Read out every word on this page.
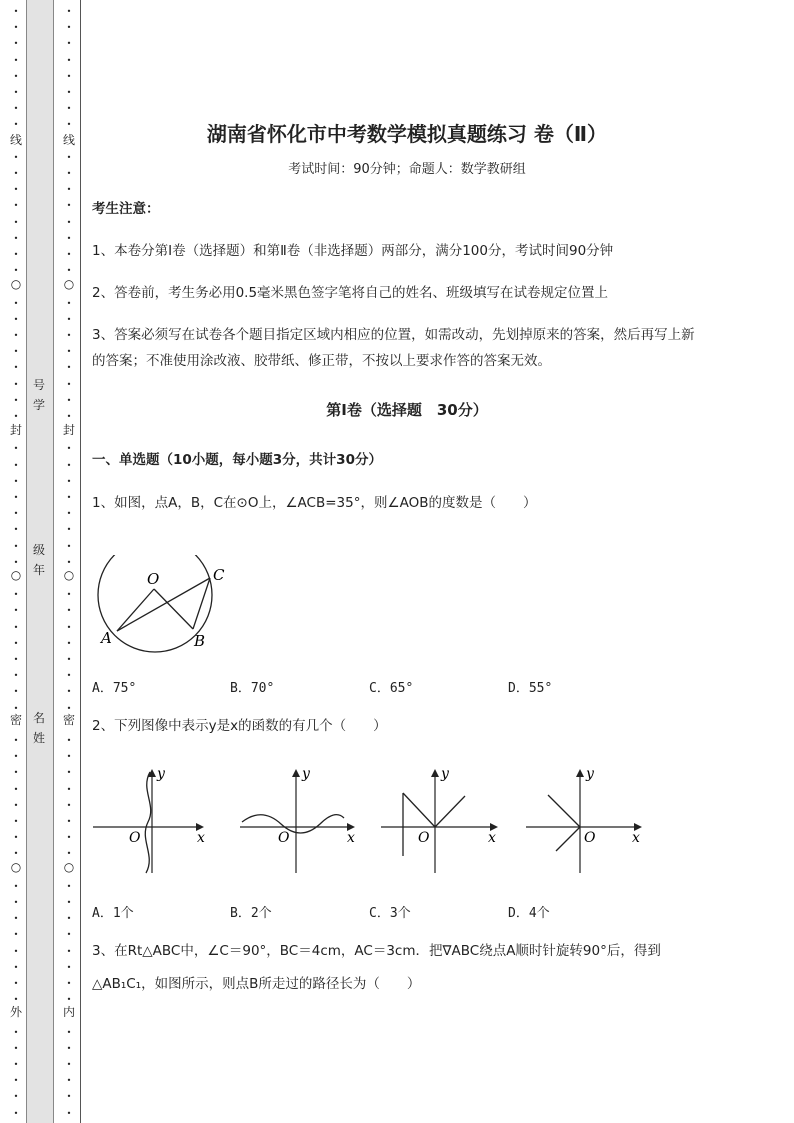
•
•
•
•
•
•
•
•
•
•
•
•
•
•
•
•
•
•
•
•
•
•
•
•
•
•
•
•
•
•
•
•
•
•
•
•
•
•
•
•
•
•
•
•
•
•
•
•
•
•
•
•
•
•
•
•
•
•
•
•
•
•
线
○
封
○
密
○
外
号学
级年
名姓
•
•
•
•
•
•
•
•
•
•
•
•
•
•
•
•
•
•
•
•
•
•
•
•
•
•
•
•
•
•
•
•
•
•
•
•
•
•
•
•
•
•
•
•
•
•
•
•
•
•
•
•
•
•
•
•
•
•
•
•
•
•
线
○
封
○
密
○
内
湖南省怀化市中考数学模拟真题练习 卷（Ⅱ）
考试时间：90分钟；命题人：数学教研组
考生注意：
1、本卷分第Ⅰ卷（选择题）和第Ⅱ卷（非选择题）两部分，满分100分，考试时间90分钟
2、答卷前，考生务必用0.5毫米黑色签字笔将自己的姓名、班级填写在试卷规定位置上
3、答案必须写在试卷各个题目指定区域内相应的位置，如需改动，先划掉原来的答案，然后再写上新
的答案；不准使用涂改液、胶带纸、修正带，不按以上要求作答的答案无效。
第Ⅰ卷（选择题　30分）
一、单选题（10小题，每小题3分，共计30分）
1、如图，点A，B，C在⊙O上，∠ACB=35°，则∠AOB的度数是（　　）
O
A	B
C
A．75°	B．70°	C．65°	D．55°
2、下列图像中表示y是x的函数的有几个（　　）
O	x
y
O	x
y
O	x
y
O	x
y
A．1个	B．2个	C．3个	D．4个
3、在Rt△ABC中，∠C＝90°，BC＝4cm，AC＝3cm．把∇ABC绕点A顺时针旋转90°后，得到
△AB₁C₁，如图所示，则点B所走过的路径长为（　　）
